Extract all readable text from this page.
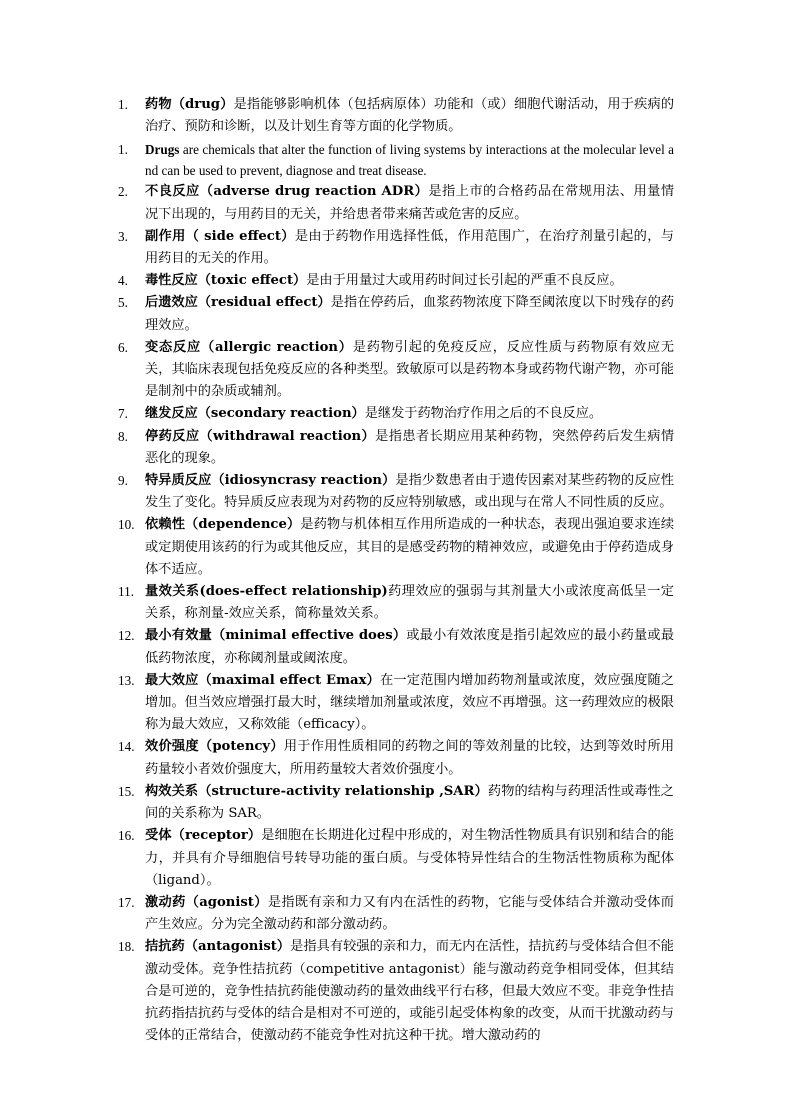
1.	药物（drug）是指能够影响机体（包括病原体）功能和（或）细胞代谢活动，用于疾病的治疗、预防和诊断，以及计划生育等方面的化学物质。
1.	Drugs are chemicals that alter the function of living systems by interactions at the molecular level and can be used to prevent, diagnose and treat disease.
2.	不良反应（adverse drug reaction ADR）是指上市的合格药品在常规用法、用量情况下出现的，与用药目的无关，并给患者带来痛苦或危害的反应。
3.	副作用（ side effect）是由于药物作用选择性低，作用范围广，在治疗剂量引起的，与用药目的无关的作用。
4.	毒性反应（toxic effect）是由于用量过大或用药时间过长引起的严重不良反应。
5.	后遗效应（residual effect）是指在停药后，血浆药物浓度下降至阈浓度以下时残存的药理效应。
6.	变态反应（allergic reaction）是药物引起的免疫反应，反应性质与药物原有效应无关，其临床表现包括免疫反应的各种类型。致敏原可以是药物本身或药物代谢产物，亦可能是制剂中的杂质或辅剂。
7.	继发反应（secondary reaction）是继发于药物治疗作用之后的不良反应。
8.	停药反应（withdrawal reaction）是指患者长期应用某种药物，突然停药后发生病情恶化的现象。
9.	特异质反应（idiosyncrasy reaction）是指少数患者由于遗传因素对某些药物的反应性发生了变化。特异质反应表现为对药物的反应特别敏感，或出现与在常人不同性质的反应。
10. 依赖性（dependence）是药物与机体相互作用所造成的一种状态，表现出强迫要求连续或定期使用该药的行为或其他反应，其目的是感受药物的精神效应，或避免由于停药造成身体不适应。
11. 量效关系(does-effect relationship)药理效应的强弱与其剂量大小或浓度高低呈一定关系，称剂量-效应关系，简称量效关系。
12. 最小有效量（minimal effective does）或最小有效浓度是指引起效应的最小药量或最低药物浓度，亦称阈剂量或阈浓度。
13. 最大效应（maximal effect Emax）在一定范围内增加药物剂量或浓度，效应强度随之增加。但当效应增强打最大时，继续增加剂量或浓度，效应不再增强。这一药理效应的极限称为最大效应，又称效能（efficacy）。
14. 效价强度（potency）用于作用性质相同的药物之间的等效剂量的比较，达到等效时所用药量较小者效价强度大，所用药量较大者效价强度小。
15. 构效关系（structure-activity relationship ,SAR）药物的结构与药理活性或毒性之间的关系称为 SAR。
16. 受体（receptor）是细胞在长期进化过程中形成的，对生物活性物质具有识别和结合的能力，并具有介导细胞信号转导功能的蛋白质。与受体特异性结合的生物活性物质称为配体（ligand）。
17. 激动药（agonist）是指既有亲和力又有内在活性的药物，它能与受体结合并激动受体而产生效应。分为完全激动药和部分激动药。
18. 拮抗药（antagonist）是指具有较强的亲和力，而无内在活性，拮抗药与受体结合但不能激动受体。竞争性拮抗药（competitive antagonist）能与激动药竞争相同受体，但其结合是可逆的，竞争性拮抗药能使激动药的量效曲线平行右移，但最大效应不变。非竞争性拮抗药指拮抗药与受体的结合是相对不可逆的，或能引起受体构象的改变，从而干扰激动药与受体的正常结合，使激动药不能竞争性对抗这种干扰。增大激动药的
